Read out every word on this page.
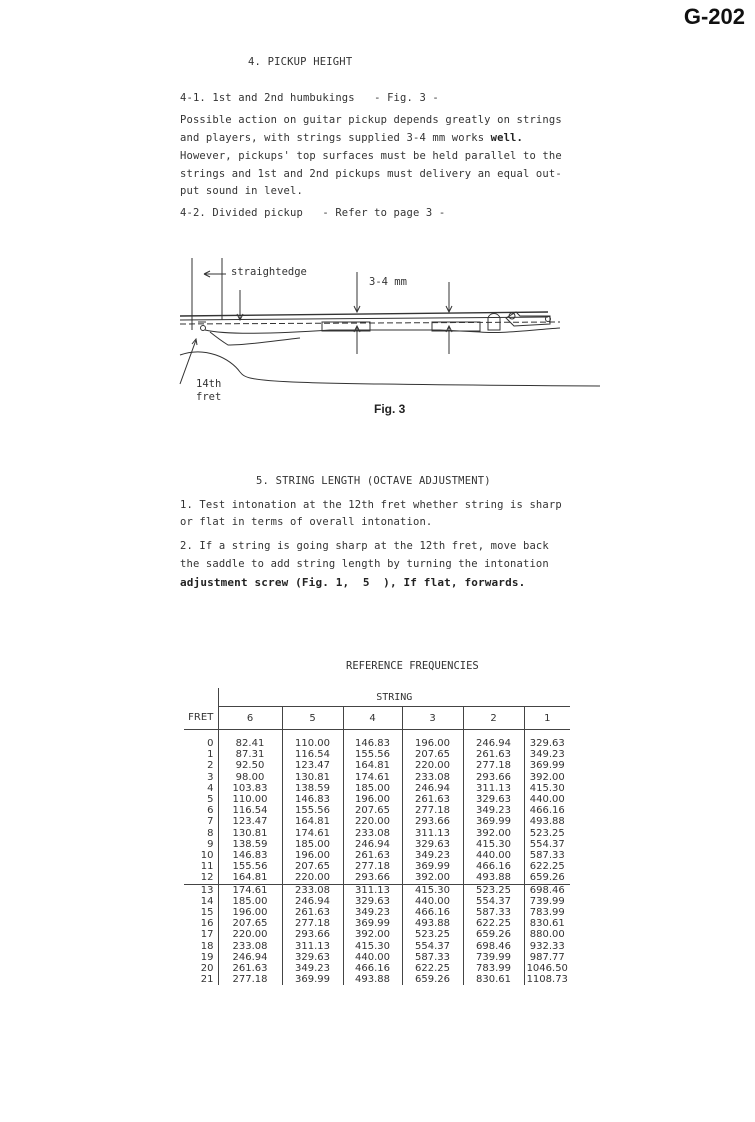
G-202
4. PICKUP HEIGHT
4-1. 1st and 2nd humbukings   - Fig. 3 -
Possible action on guitar pickup depends greatly on strings
and players, with strings supplied 3-4 mm works well.
However, pickups' top surfaces must be held parallel to the
strings and 1st and 2nd pickups must delivery an equal out-
put sound in level.
4-2. Divided pickup   - Refer to page 3 -
straightedge
3-4 mm
14th
fret
Fig. 3
5. STRING LENGTH (OCTAVE ADJUSTMENT)
1. Test intonation at the 12th fret whether string is sharp
or flat in terms of overall intonation.
2. If a string is going sharp at the 12th fret, move back
the saddle to add string length by turning the intonation
adjustment screw (Fig. 1,  5  ), If flat, forwards.
REFERENCE FREQUENCIES
	STRING					
FRET	6	5	4	3	2	1

0	82.41	110.00	146.83	196.00	246.94	329.63
1	87.31	116.54	155.56	207.65	261.63	349.23
2	92.50	123.47	164.81	220.00	277.18	369.99
3	98.00	130.81	174.61	233.08	293.66	392.00
4	103.83	138.59	185.00	246.94	311.13	415.30
5	110.00	146.83	196.00	261.63	329.63	440.00
6	116.54	155.56	207.65	277.18	349.23	466.16
7	123.47	164.81	220.00	293.66	369.99	493.88
8	130.81	174.61	233.08	311.13	392.00	523.25
9	138.59	185.00	246.94	329.63	415.30	554.37
10	146.83	196.00	261.63	349.23	440.00	587.33
11	155.56	207.65	277.18	369.99	466.16	622.25
12	164.81	220.00	293.66	392.00	493.88	659.26
13	174.61	233.08	311.13	415.30	523.25	698.46
14	185.00	246.94	329.63	440.00	554.37	739.99
15	196.00	261.63	349.23	466.16	587.33	783.99
16	207.65	277.18	369.99	493.88	622.25	830.61
17	220.00	293.66	392.00	523.25	659.26	880.00
18	233.08	311.13	415.30	554.37	698.46	932.33
19	246.94	329.63	440.00	587.33	739.99	987.77
20	261.63	349.23	466.16	622.25	783.99	1046.50
21	277.18	369.99	493.88	659.26	830.61	1108.73
